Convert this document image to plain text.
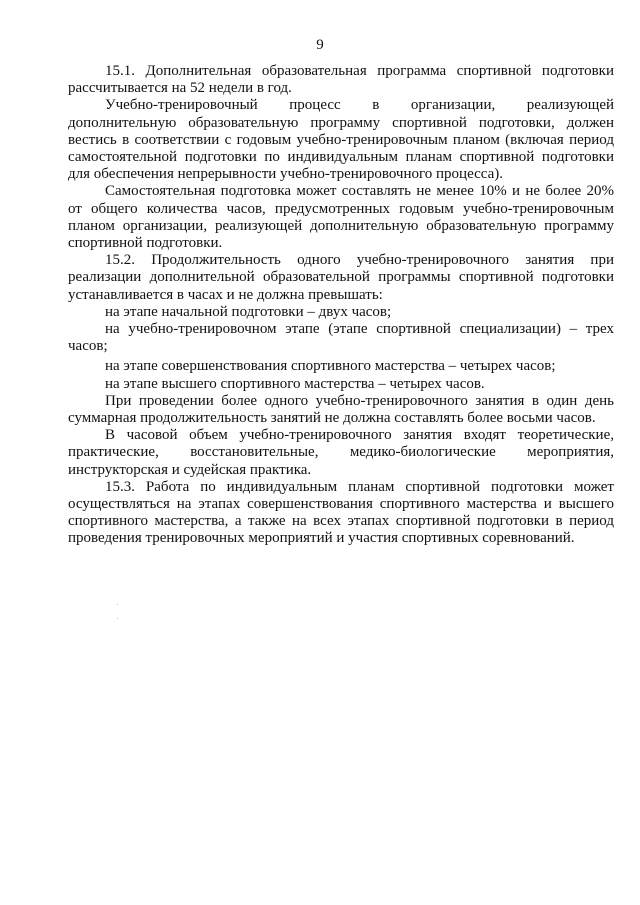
9

15.1. Дополнительная образовательная программа спортивной подготовки рассчитывается на 52 недели в год.

Учебно-тренировочный процесс в организации, реализующей дополнительную образовательную программу спортивной подготовки, должен вестись в соответствии с годовым учебно-тренировочным планом (включая период самостоятельной подготовки по индивидуальным планам спортивной подготовки для обеспечения непрерывности учебно-тренировочного процесса).

Самостоятельная подготовка может составлять не менее 10% и не более 20% от общего количества часов, предусмотренных годовым учебно-тренировочным планом организации, реализующей дополнительную образовательную программу спортивной подготовки.

15.2. Продолжительность одного учебно-тренировочного занятия при реализации дополнительной образовательной программы спортивной подготовки устанавливается в часах и не должна превышать:

на этапе начальной подготовки – двух часов;

на учебно-тренировочном этапе (этапе спортивной специализации) – трех часов;

на этапе совершенствования спортивного мастерства – четырех часов;

на этапе высшего спортивного мастерства – четырех часов.

При проведении более одного учебно-тренировочного занятия в один день суммарная продолжительность занятий не должна составлять более восьми часов.

В часовой объем учебно-тренировочного занятия входят теоретические, практические, восстановительные, медико-биологические мероприятия, инструкторская и судейская практика.

15.3. Работа по индивидуальным планам спортивной подготовки может осуществляться на этапах совершенствования спортивного мастерства и высшего спортивного мастерства, а также на всех этапах спортивной подготовки в период проведения тренировочных мероприятий и участия спортивных соревнований.
